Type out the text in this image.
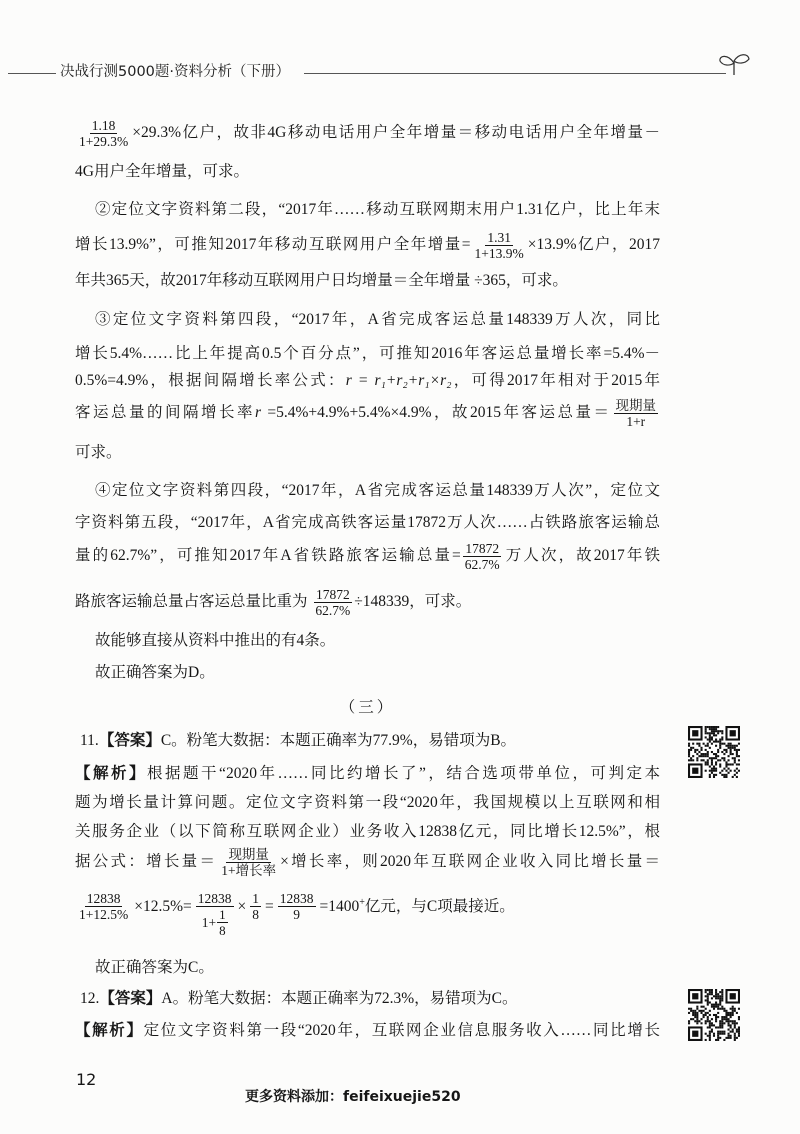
决战行测5000题·资料分析（下册）
$\frac{1.18}{1+29.3\%} \times 29.3\%$亿户，故非4G移动电话用户全年增量＝移动电话用户全年增量－
4G用户全年增量，可求。
②定位文字资料第二段，“2017年……移动互联网期末用户1.31亿户，比上年末
增长13.9%”，可推知2017年移动互联网用户全年增量= $\frac{1.31}{1+13.9\%} \times 13.9\%$亿户，2017
年共365天，故2017年移动互联网用户日均增量＝全年增量 ÷365，可求。
③定位文字资料第四段，“2017年，A省完成客运总量148339万人次，同比
增长5.4%……比上年提高0.5个百分点”，可推知2016年客运总量增长率=5.4%－
0.5%=4.9%，根据间隔增长率公式：r = r₁+r₂+r₁×r₂，可得2017年相对于2015年
客运总量的间隔增长率r =5.4%+4.9%+5.4%×4.9%，故2015年客运总量＝ $\frac{\text{现期量}}{1+r}$
可求。
④定位文字资料第四段，“2017年，A省完成客运总量148339万人次”，定位文
字资料第五段，“2017年，A省完成高铁客运量17872万人次……占铁路旅客运输总
量的62.7%”，可推知2017年A省铁路旅客运输总量= $\frac{17872}{62.7\%}$ 万人次，故2017年铁
路旅客运输总量占客运总量比重为 $\frac{17872}{62.7\%} \div 148339$，可求。
故能够直接从资料中推出的有4条。
故正确答案为D。
（三）
11.【答案】C。粉笔大数据：本题正确率为77.9%，易错项为B。
【解析】根据题干“2020年……同比约增长了”，结合选项带单位，可判定本
题为增长量计算问题。定位文字资料第一段“2020年，我国规模以上互联网和相
关服务企业（以下简称互联网企业）业务收入12838亿元，同比增长12.5%”，根
据公式：增长量＝ $\frac{\text{现期量}}{\text{1+增长率}}$ ×增长率，则2020年互联网企业收入同比增长量＝
$\frac{12838}{1+12.5\%} \times 12.5\%= \frac{12838}{1+ \frac{1}{8}} \times \frac{1}{8} = \frac{12838}{9} =1400^+$亿元，与C项最接近。
故正确答案为C。
12.【答案】A。粉笔大数据：本题正确率为72.3%，易错项为C。
【解析】定位文字资料第一段“2020年，互联网企业信息服务收入……同比增长
12
更多资料添加：feifeixuejie520
